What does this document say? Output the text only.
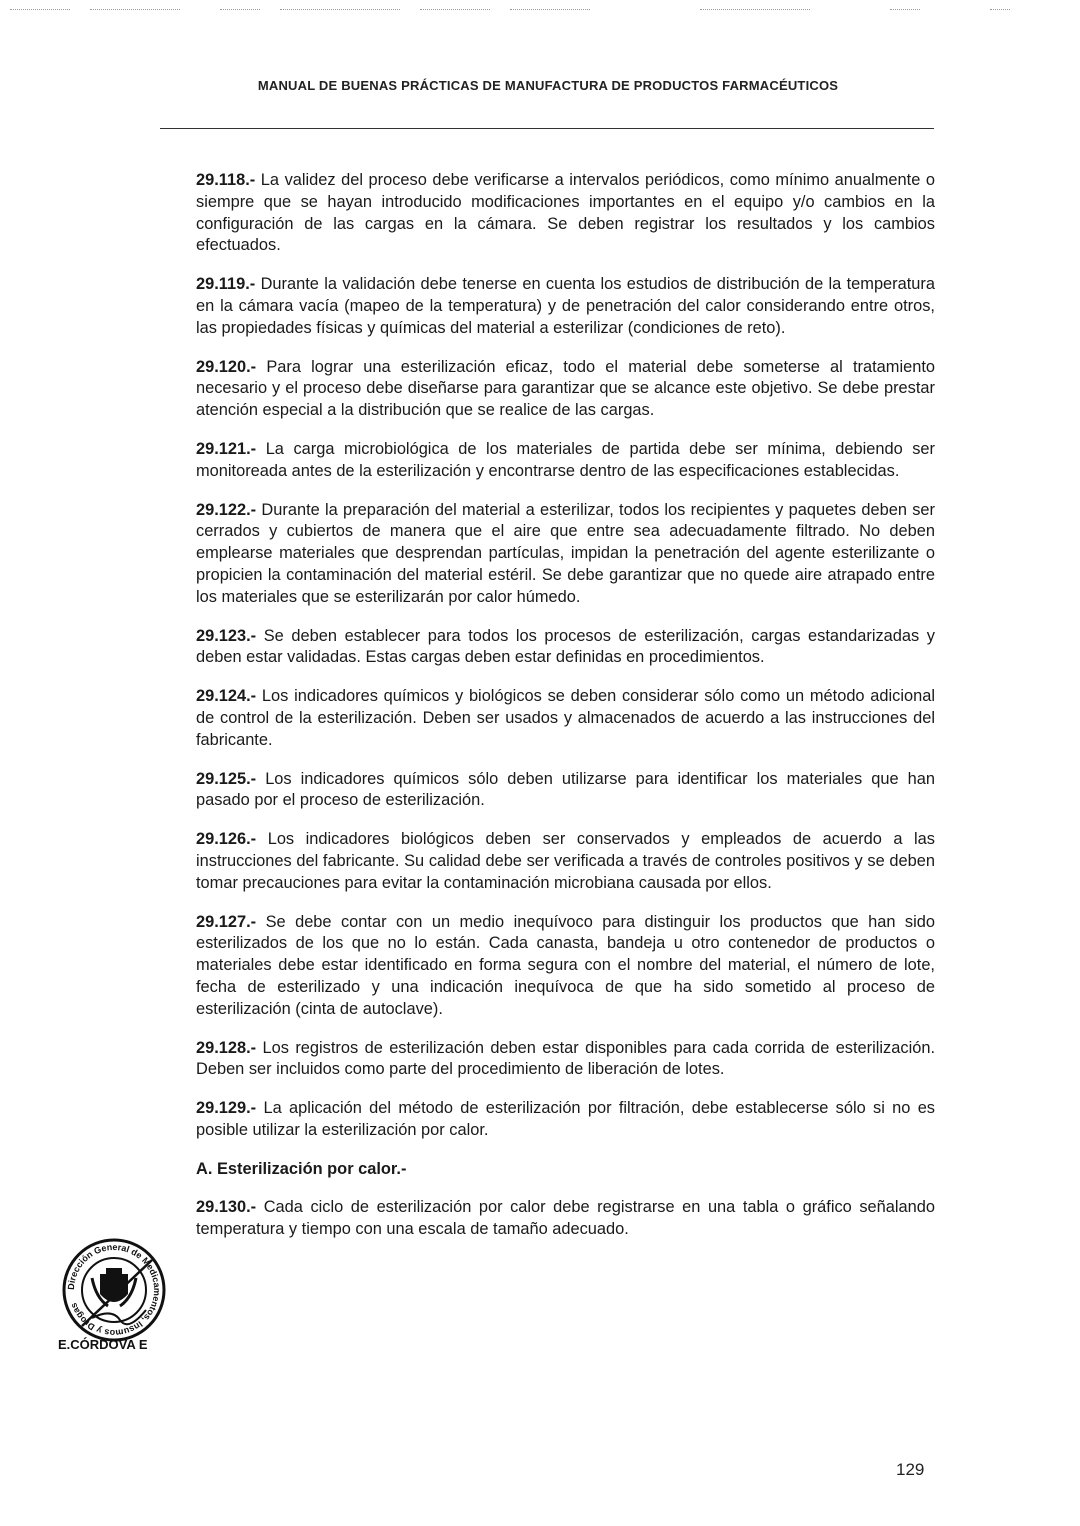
MANUAL DE BUENAS PRÁCTICAS DE MANUFACTURA DE PRODUCTOS FARMACÉUTICOS

29.118.- La validez del proceso debe verificarse a intervalos periódicos, como mínimo anualmente o siempre que se hayan introducido modificaciones importantes en el equipo y/o cambios en la configuración de las cargas en la cámara. Se deben registrar los resultados y los cambios efectuados.

29.119.- Durante la validación debe tenerse en cuenta los estudios de distribución de la temperatura en la cámara vacía (mapeo de la temperatura) y de penetración del calor considerando entre otros, las propiedades físicas y químicas del material a esterilizar (condiciones de reto).

29.120.- Para lograr una esterilización eficaz, todo el material debe someterse al tratamiento necesario y el proceso debe diseñarse para garantizar que se alcance este objetivo. Se debe prestar atención especial a la distribución que se realice de las cargas.

29.121.- La carga microbiológica de los materiales de partida debe ser mínima, debiendo ser monitoreada antes de la esterilización y encontrarse dentro de las especificaciones establecidas.

29.122.- Durante la preparación del material a esterilizar, todos los recipientes y paquetes deben ser cerrados y cubiertos de manera que el aire que entre sea adecuadamente filtrado. No deben emplearse materiales que desprendan partículas, impidan la penetración del agente esterilizante o propicien la contaminación del material estéril. Se debe garantizar que no quede aire atrapado entre los materiales que se esterilizarán por calor húmedo.

29.123.- Se deben establecer para todos los procesos de esterilización, cargas estandarizadas y deben estar validadas. Estas cargas deben estar definidas en procedimientos.

29.124.- Los indicadores químicos y biológicos se deben considerar sólo como un método adicional de control de la esterilización. Deben ser usados y almacenados de acuerdo a las instrucciones del fabricante.

29.125.- Los indicadores químicos sólo deben utilizarse para identificar los materiales que han pasado por el proceso de esterilización.

29.126.- Los indicadores biológicos deben ser conservados y empleados de acuerdo a las instrucciones del fabricante. Su calidad debe ser verificada a través de controles positivos y se deben tomar precauciones para evitar la contaminación microbiana causada por ellos.

29.127.- Se debe contar con un medio inequívoco para distinguir los productos que han sido esterilizados de los que no lo están. Cada canasta, bandeja u otro contenedor de productos o materiales debe estar identificado en forma segura con el nombre del material, el número de lote, fecha de esterilizado y una indicación inequívoca de que ha sido sometido al proceso de esterilización (cinta de autoclave).

29.128.- Los registros de esterilización deben estar disponibles para cada corrida de esterilización. Deben ser incluidos como parte del procedimiento de liberación de lotes.

29.129.- La aplicación del método de esterilización por filtración, debe establecerse sólo si no es posible utilizar la esterilización por calor.

A. Esterilización por calor.-

29.130.- Cada ciclo de esterilización por calor debe registrarse en una tabla o gráfico señalando temperatura y tiempo con una escala de tamaño adecuado.

Dirección General de Medicamentos, Insumos y Drogas
E.CÓRDOVA E
129
